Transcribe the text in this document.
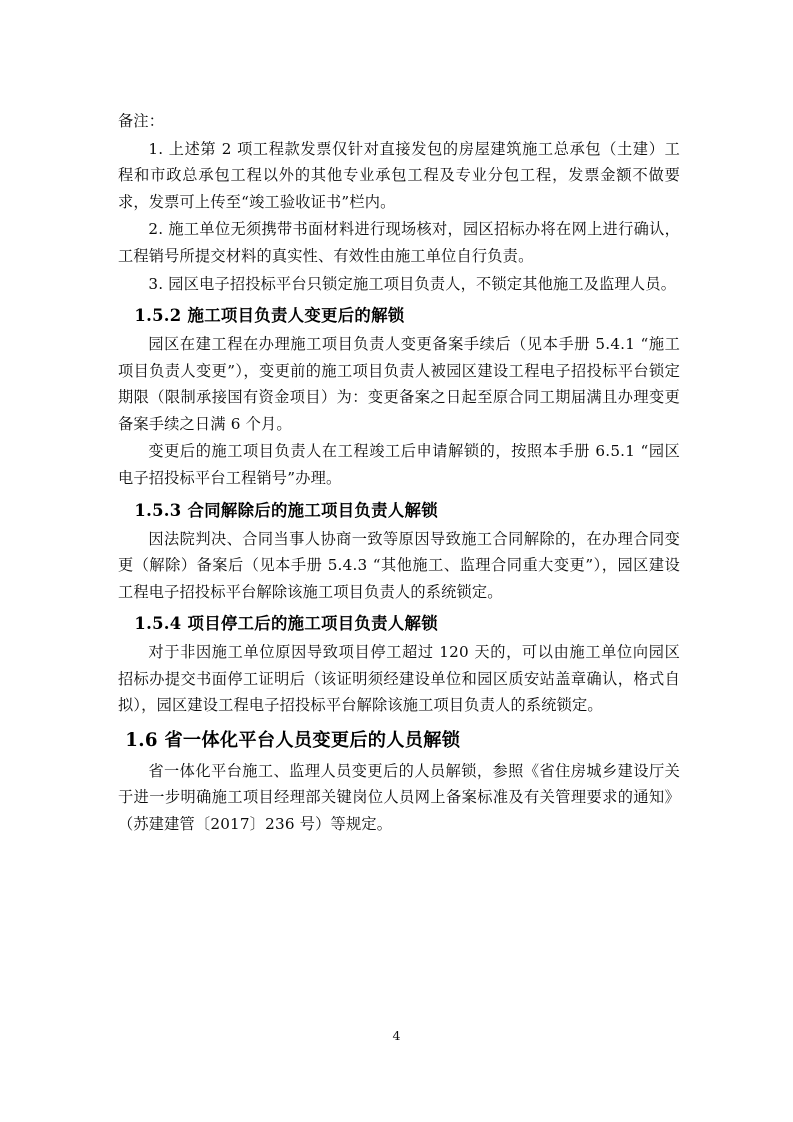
备注：

1. 上述第 2 项工程款发票仅针对直接发包的房屋建筑施工总承包（土建）工程和市政总承包工程以外的其他专业承包工程及专业分包工程，发票金额不做要求，发票可上传至“竣工验收证书”栏内。

2. 施工单位无须携带书面材料进行现场核对，园区招标办将在网上进行确认，工程销号所提交材料的真实性、有效性由施工单位自行负责。

3. 园区电子招投标平台只锁定施工项目负责人，不锁定其他施工及监理人员。

1.5.2 施工项目负责人变更后的解锁

园区在建工程在办理施工项目负责人变更备案手续后（见本手册 5.4.1 “施工项目负责人变更”），变更前的施工项目负责人被园区建设工程电子招投标平台锁定期限（限制承接国有资金项目）为：变更备案之日起至原合同工期届满且办理变更备案手续之日满 6 个月。

变更后的施工项目负责人在工程竣工后申请解锁的，按照本手册 6.5.1 “园区电子招投标平台工程销号”办理。

1.5.3 合同解除后的施工项目负责人解锁

因法院判决、合同当事人协商一致等原因导致施工合同解除的，在办理合同变更（解除）备案后（见本手册 5.4.3 “其他施工、监理合同重大变更”），园区建设工程电子招投标平台解除该施工项目负责人的系统锁定。

1.5.4 项目停工后的施工项目负责人解锁

对于非因施工单位原因导致项目停工超过 120 天的，可以由施工单位向园区招标办提交书面停工证明后（该证明须经建设单位和园区质安站盖章确认，格式自拟），园区建设工程电子招投标平台解除该施工项目负责人的系统锁定。

1.6 省一体化平台人员变更后的人员解锁

省一体化平台施工、监理人员变更后的人员解锁，参照《省住房城乡建设厅关于进一步明确施工项目经理部关键岗位人员网上备案标准及有关管理要求的通知》（苏建建管〔2017〕236 号）等规定。

4
